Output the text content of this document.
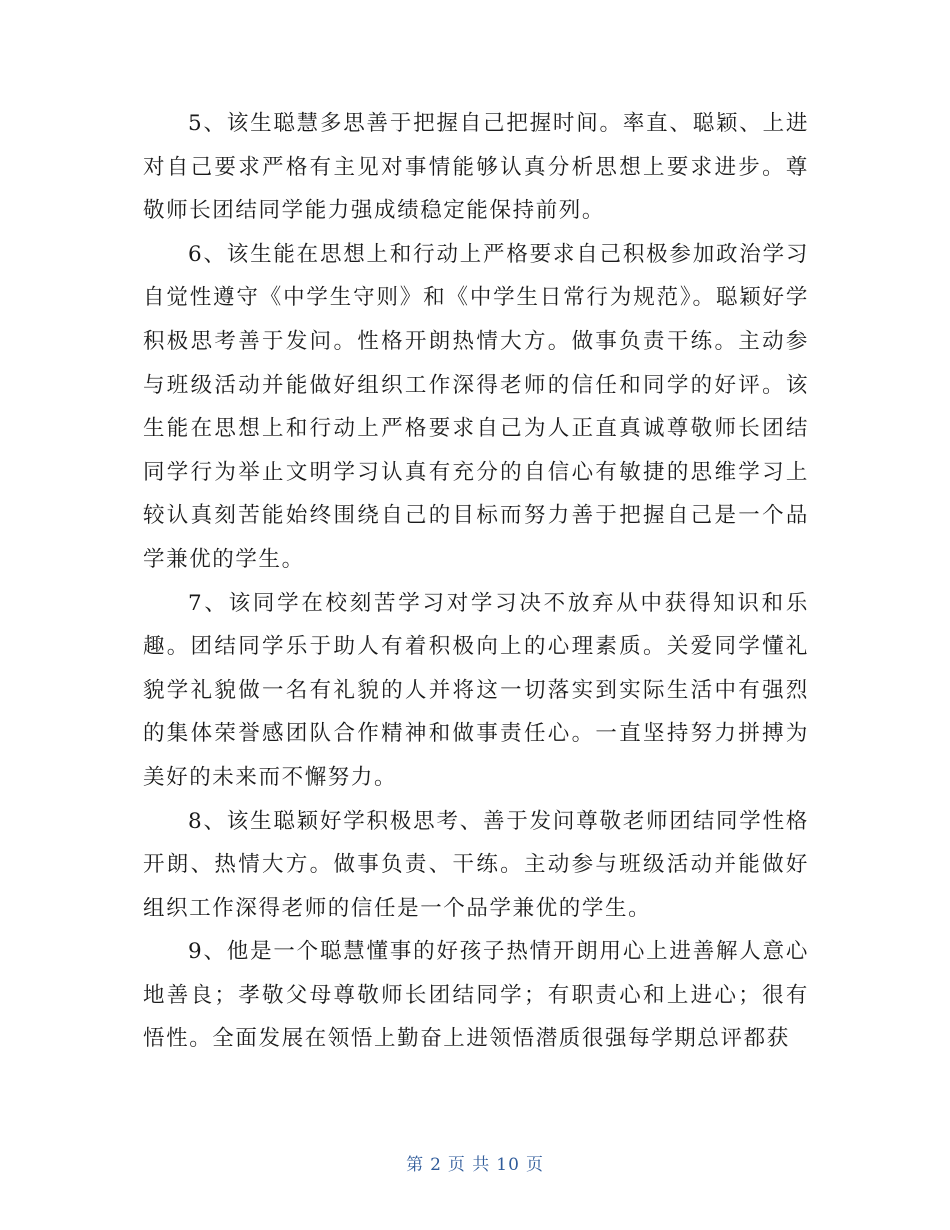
5、该生聪慧多思善于把握自己把握时间。率直、聪颖、上进对自己要求严格有主见对事情能够认真分析思想上要求进步。尊敬师长团结同学能力强成绩稳定能保持前列。

6、该生能在思想上和行动上严格要求自己积极参加政治学习自觉性遵守《中学生守则》和《中学生日常行为规范》。聪颖好学积极思考善于发问。性格开朗热情大方。做事负责干练。主动参与班级活动并能做好组织工作深得老师的信任和同学的好评。该生能在思想上和行动上严格要求自己为人正直真诚尊敬师长团结同学行为举止文明学习认真有充分的自信心有敏捷的思维学习上较认真刻苦能始终围绕自己的目标而努力善于把握自己是一个品学兼优的学生。

7、该同学在校刻苦学习对学习决不放弃从中获得知识和乐趣。团结同学乐于助人有着积极向上的心理素质。关爱同学懂礼貌学礼貌做一名有礼貌的人并将这一切落实到实际生活中有强烈的集体荣誉感团队合作精神和做事责任心。一直坚持努力拼搏为美好的未来而不懈努力。

8、该生聪颖好学积极思考、善于发问尊敬老师团结同学性格开朗、热情大方。做事负责、干练。主动参与班级活动并能做好组织工作深得老师的信任是一个品学兼优的学生。

9、他是一个聪慧懂事的好孩子热情开朗用心上进善解人意心地善良；孝敬父母尊敬师长团结同学；有职责心和上进心；很有悟性。全面发展在领悟上勤奋上进领悟潜质很强每学期总评都获

第 2 页 共 10 页
